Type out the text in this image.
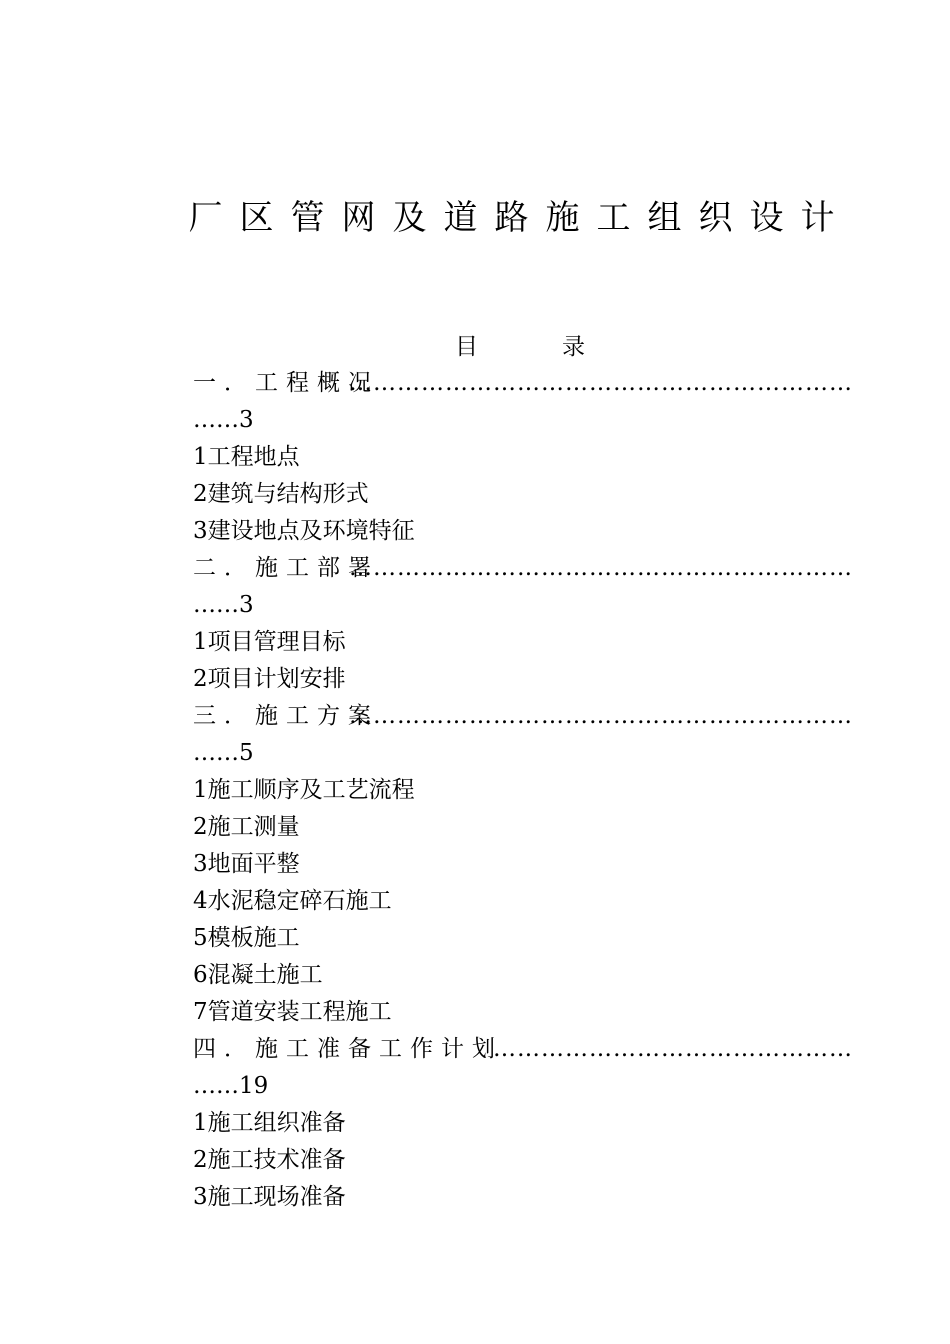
厂区管网及道路施工组织设计
目	录
一．工程概况
………………………………………………………
……3
1工程地点
2建筑与结构形式
3建设地点及环境特征
二．施工部署
………………………………………………………
……3
1项目管理目标
2项目计划安排
三．施工方案
………………………………………………………
……5
1施工顺序及工艺流程
2施工测量
3地面平整
4水泥稳定碎石施工
5模板施工
6混凝土施工
7管道安装工程施工
四．施工准备工作计划
………………………………………
……19
1施工组织准备
2施工技术准备
3施工现场准备
